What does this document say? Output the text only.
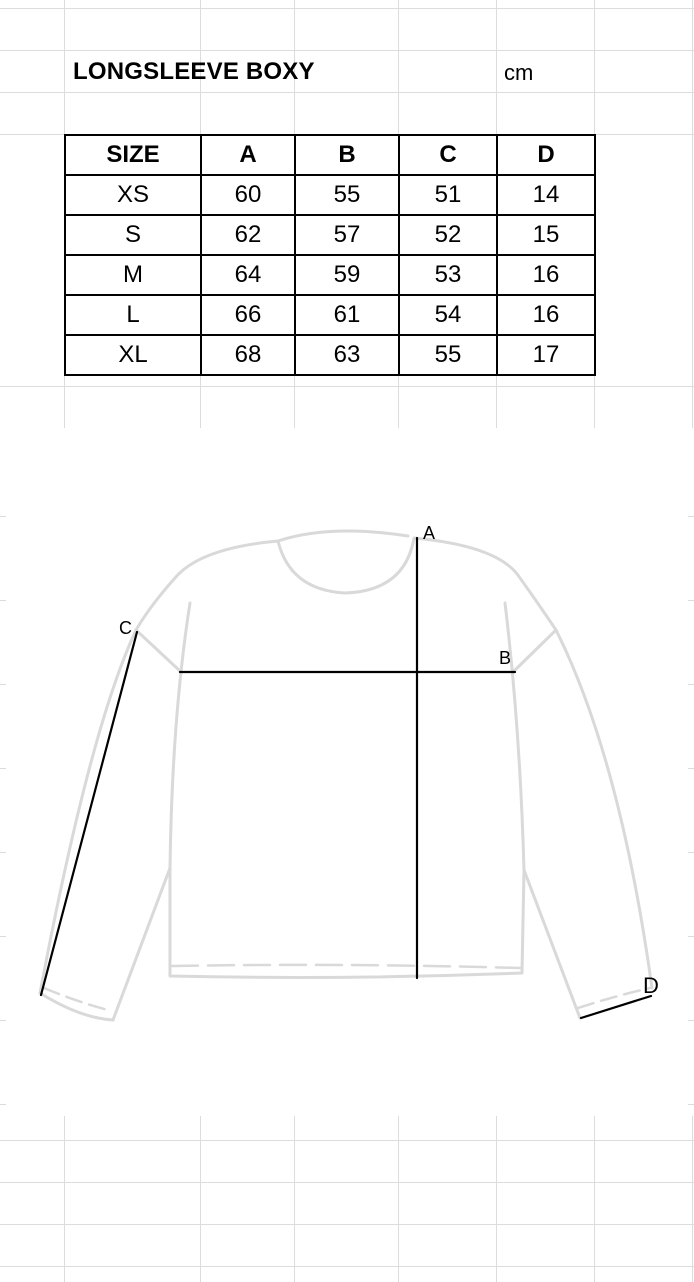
LONGSLEEVE BOXY	cm
SIZE	A	B	C	D
XS	60	55	51	14
S	62	57	52	15
M	64	59	53	16
L	66	61	54	16
XL	68	63	55	17
A
B
C
D
